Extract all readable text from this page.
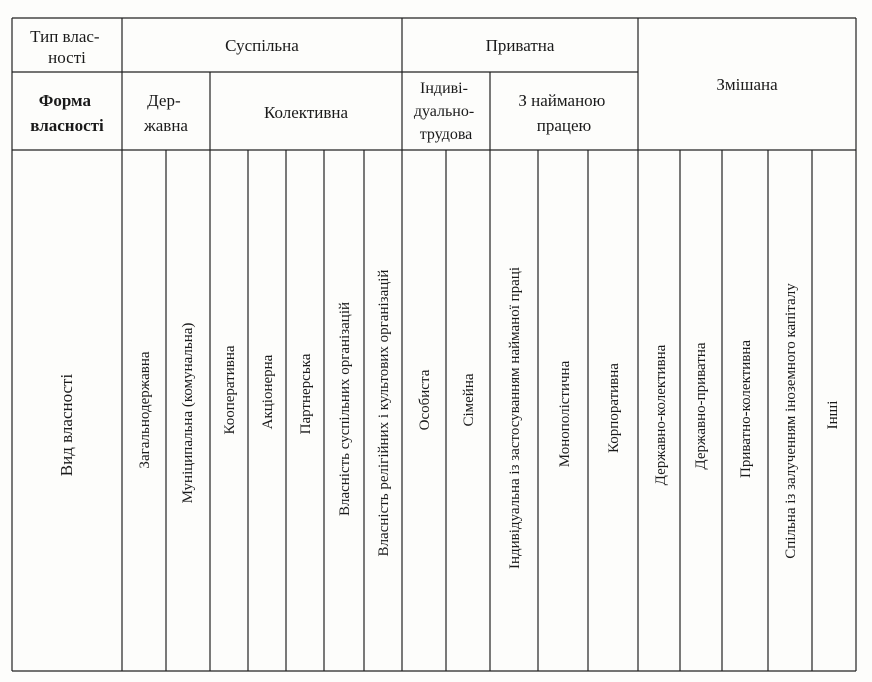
Тип влас- ності
Форма власності
Суспільна	Приватна
Змішана
Дер- жавна
Колективна
Індиві- дуально- трудова
З найманою працею
Вид власності	Загальнодержавна Муніципальна (комунальна) Кооперативна Акціонерна Партнерська Власність суспільних організацій Власність релігійних і культових організацій Особиста Сімейна Індивідуальна із застосуванням найманої праці Монополістична Корпоративна Державно-колективна Державно-приватна Приватно-колективна Спільна із залученням іноземного капіталу Інші
